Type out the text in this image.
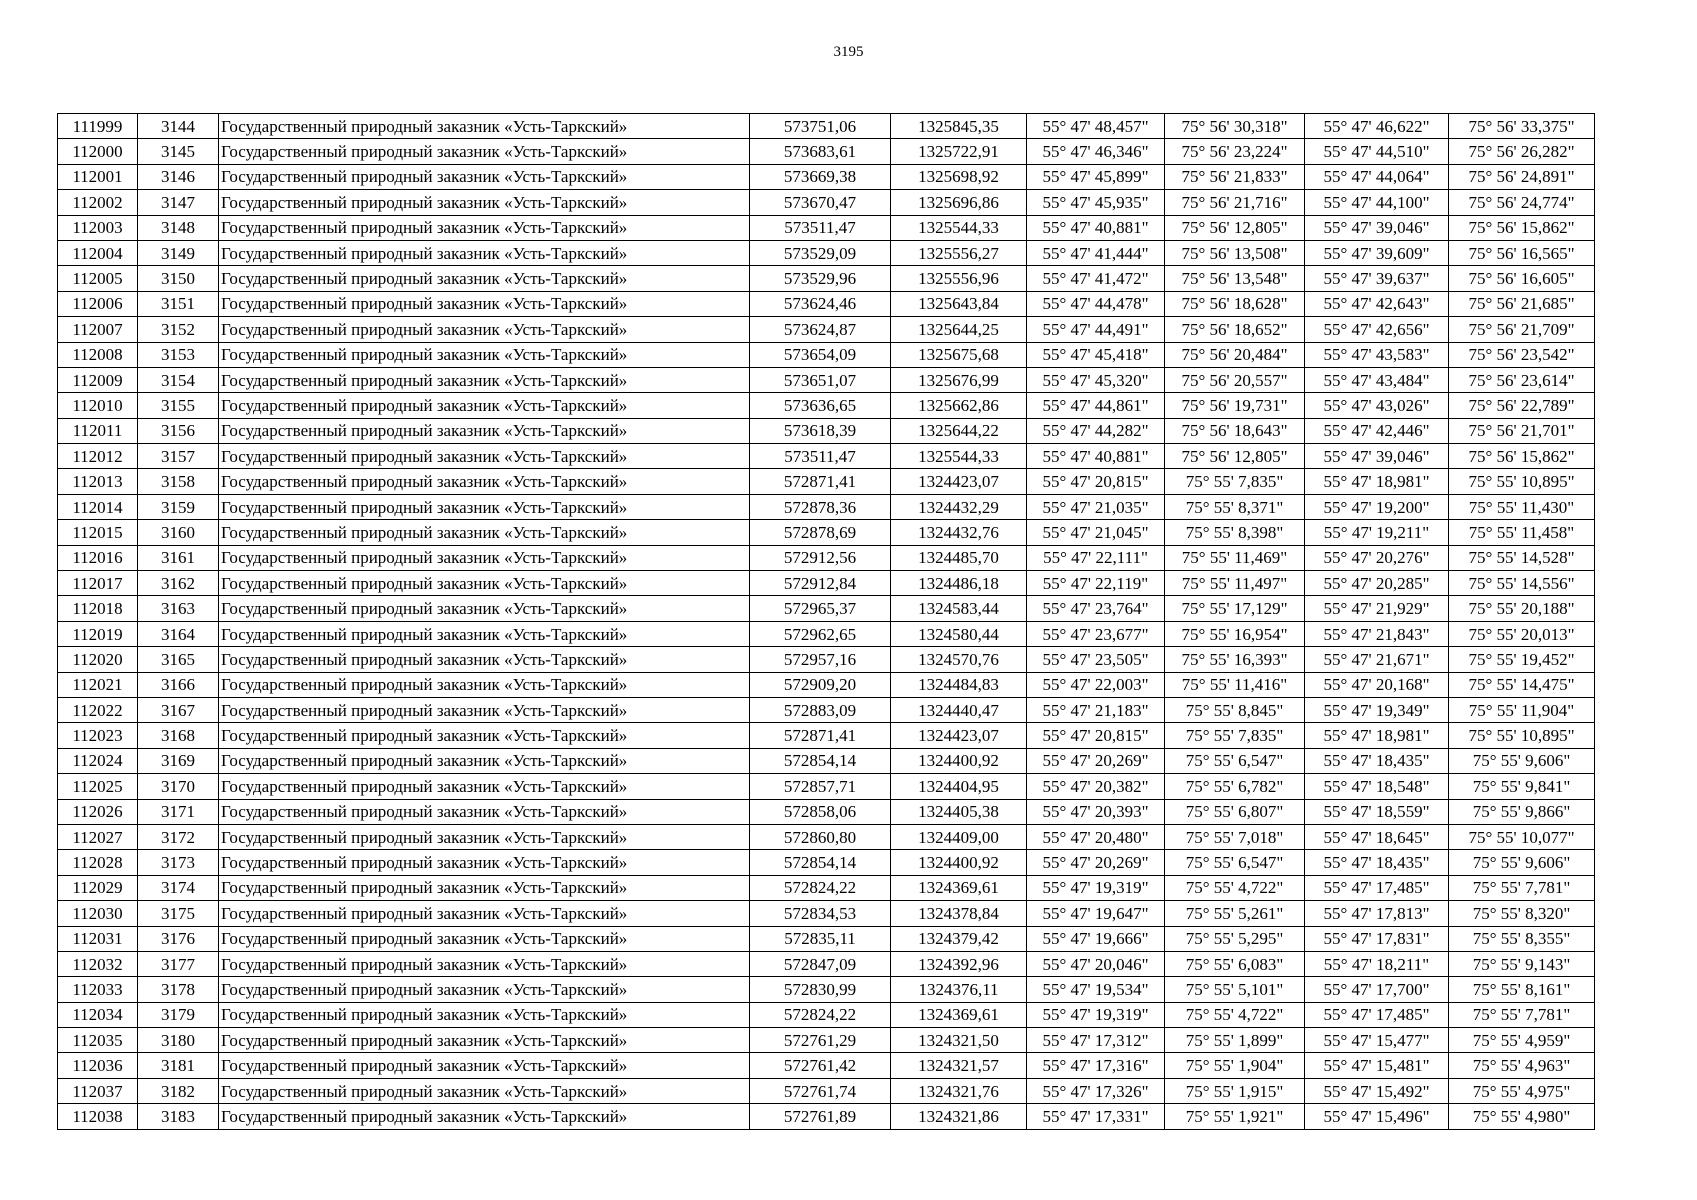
3195
111999	3144	Государственный природный заказник «Усть-Таркский»	573751,06	1325845,35	55° 47' 48,457"	75° 56' 30,318"	55° 47' 46,622"	75° 56' 33,375"
112000	3145	Государственный природный заказник «Усть-Таркский»	573683,61	1325722,91	55° 47' 46,346"	75° 56' 23,224"	55° 47' 44,510"	75° 56' 26,282"
112001	3146	Государственный природный заказник «Усть-Таркский»	573669,38	1325698,92	55° 47' 45,899"	75° 56' 21,833"	55° 47' 44,064"	75° 56' 24,891"
112002	3147	Государственный природный заказник «Усть-Таркский»	573670,47	1325696,86	55° 47' 45,935"	75° 56' 21,716"	55° 47' 44,100"	75° 56' 24,774"
112003	3148	Государственный природный заказник «Усть-Таркский»	573511,47	1325544,33	55° 47' 40,881"	75° 56' 12,805"	55° 47' 39,046"	75° 56' 15,862"
112004	3149	Государственный природный заказник «Усть-Таркский»	573529,09	1325556,27	55° 47' 41,444"	75° 56' 13,508"	55° 47' 39,609"	75° 56' 16,565"
112005	3150	Государственный природный заказник «Усть-Таркский»	573529,96	1325556,96	55° 47' 41,472"	75° 56' 13,548"	55° 47' 39,637"	75° 56' 16,605"
112006	3151	Государственный природный заказник «Усть-Таркский»	573624,46	1325643,84	55° 47' 44,478"	75° 56' 18,628"	55° 47' 42,643"	75° 56' 21,685"
112007	3152	Государственный природный заказник «Усть-Таркский»	573624,87	1325644,25	55° 47' 44,491"	75° 56' 18,652"	55° 47' 42,656"	75° 56' 21,709"
112008	3153	Государственный природный заказник «Усть-Таркский»	573654,09	1325675,68	55° 47' 45,418"	75° 56' 20,484"	55° 47' 43,583"	75° 56' 23,542"
112009	3154	Государственный природный заказник «Усть-Таркский»	573651,07	1325676,99	55° 47' 45,320"	75° 56' 20,557"	55° 47' 43,484"	75° 56' 23,614"
112010	3155	Государственный природный заказник «Усть-Таркский»	573636,65	1325662,86	55° 47' 44,861"	75° 56' 19,731"	55° 47' 43,026"	75° 56' 22,789"
112011	3156	Государственный природный заказник «Усть-Таркский»	573618,39	1325644,22	55° 47' 44,282"	75° 56' 18,643"	55° 47' 42,446"	75° 56' 21,701"
112012	3157	Государственный природный заказник «Усть-Таркский»	573511,47	1325544,33	55° 47' 40,881"	75° 56' 12,805"	55° 47' 39,046"	75° 56' 15,862"
112013	3158	Государственный природный заказник «Усть-Таркский»	572871,41	1324423,07	55° 47' 20,815"	75° 55' 7,835"	55° 47' 18,981"	75° 55' 10,895"
112014	3159	Государственный природный заказник «Усть-Таркский»	572878,36	1324432,29	55° 47' 21,035"	75° 55' 8,371"	55° 47' 19,200"	75° 55' 11,430"
112015	3160	Государственный природный заказник «Усть-Таркский»	572878,69	1324432,76	55° 47' 21,045"	75° 55' 8,398"	55° 47' 19,211"	75° 55' 11,458"
112016	3161	Государственный природный заказник «Усть-Таркский»	572912,56	1324485,70	55° 47' 22,111"	75° 55' 11,469"	55° 47' 20,276"	75° 55' 14,528"
112017	3162	Государственный природный заказник «Усть-Таркский»	572912,84	1324486,18	55° 47' 22,119"	75° 55' 11,497"	55° 47' 20,285"	75° 55' 14,556"
112018	3163	Государственный природный заказник «Усть-Таркский»	572965,37	1324583,44	55° 47' 23,764"	75° 55' 17,129"	55° 47' 21,929"	75° 55' 20,188"
112019	3164	Государственный природный заказник «Усть-Таркский»	572962,65	1324580,44	55° 47' 23,677"	75° 55' 16,954"	55° 47' 21,843"	75° 55' 20,013"
112020	3165	Государственный природный заказник «Усть-Таркский»	572957,16	1324570,76	55° 47' 23,505"	75° 55' 16,393"	55° 47' 21,671"	75° 55' 19,452"
112021	3166	Государственный природный заказник «Усть-Таркский»	572909,20	1324484,83	55° 47' 22,003"	75° 55' 11,416"	55° 47' 20,168"	75° 55' 14,475"
112022	3167	Государственный природный заказник «Усть-Таркский»	572883,09	1324440,47	55° 47' 21,183"	75° 55' 8,845"	55° 47' 19,349"	75° 55' 11,904"
112023	3168	Государственный природный заказник «Усть-Таркский»	572871,41	1324423,07	55° 47' 20,815"	75° 55' 7,835"	55° 47' 18,981"	75° 55' 10,895"
112024	3169	Государственный природный заказник «Усть-Таркский»	572854,14	1324400,92	55° 47' 20,269"	75° 55' 6,547"	55° 47' 18,435"	75° 55' 9,606"
112025	3170	Государственный природный заказник «Усть-Таркский»	572857,71	1324404,95	55° 47' 20,382"	75° 55' 6,782"	55° 47' 18,548"	75° 55' 9,841"
112026	3171	Государственный природный заказник «Усть-Таркский»	572858,06	1324405,38	55° 47' 20,393"	75° 55' 6,807"	55° 47' 18,559"	75° 55' 9,866"
112027	3172	Государственный природный заказник «Усть-Таркский»	572860,80	1324409,00	55° 47' 20,480"	75° 55' 7,018"	55° 47' 18,645"	75° 55' 10,077"
112028	3173	Государственный природный заказник «Усть-Таркский»	572854,14	1324400,92	55° 47' 20,269"	75° 55' 6,547"	55° 47' 18,435"	75° 55' 9,606"
112029	3174	Государственный природный заказник «Усть-Таркский»	572824,22	1324369,61	55° 47' 19,319"	75° 55' 4,722"	55° 47' 17,485"	75° 55' 7,781"
112030	3175	Государственный природный заказник «Усть-Таркский»	572834,53	1324378,84	55° 47' 19,647"	75° 55' 5,261"	55° 47' 17,813"	75° 55' 8,320"
112031	3176	Государственный природный заказник «Усть-Таркский»	572835,11	1324379,42	55° 47' 19,666"	75° 55' 5,295"	55° 47' 17,831"	75° 55' 8,355"
112032	3177	Государственный природный заказник «Усть-Таркский»	572847,09	1324392,96	55° 47' 20,046"	75° 55' 6,083"	55° 47' 18,211"	75° 55' 9,143"
112033	3178	Государственный природный заказник «Усть-Таркский»	572830,99	1324376,11	55° 47' 19,534"	75° 55' 5,101"	55° 47' 17,700"	75° 55' 8,161"
112034	3179	Государственный природный заказник «Усть-Таркский»	572824,22	1324369,61	55° 47' 19,319"	75° 55' 4,722"	55° 47' 17,485"	75° 55' 7,781"
112035	3180	Государственный природный заказник «Усть-Таркский»	572761,29	1324321,50	55° 47' 17,312"	75° 55' 1,899"	55° 47' 15,477"	75° 55' 4,959"
112036	3181	Государственный природный заказник «Усть-Таркский»	572761,42	1324321,57	55° 47' 17,316"	75° 55' 1,904"	55° 47' 15,481"	75° 55' 4,963"
112037	3182	Государственный природный заказник «Усть-Таркский»	572761,74	1324321,76	55° 47' 17,326"	75° 55' 1,915"	55° 47' 15,492"	75° 55' 4,975"
112038	3183	Государственный природный заказник «Усть-Таркский»	572761,89	1324321,86	55° 47' 17,331"	75° 55' 1,921"	55° 47' 15,496"	75° 55' 4,980"
